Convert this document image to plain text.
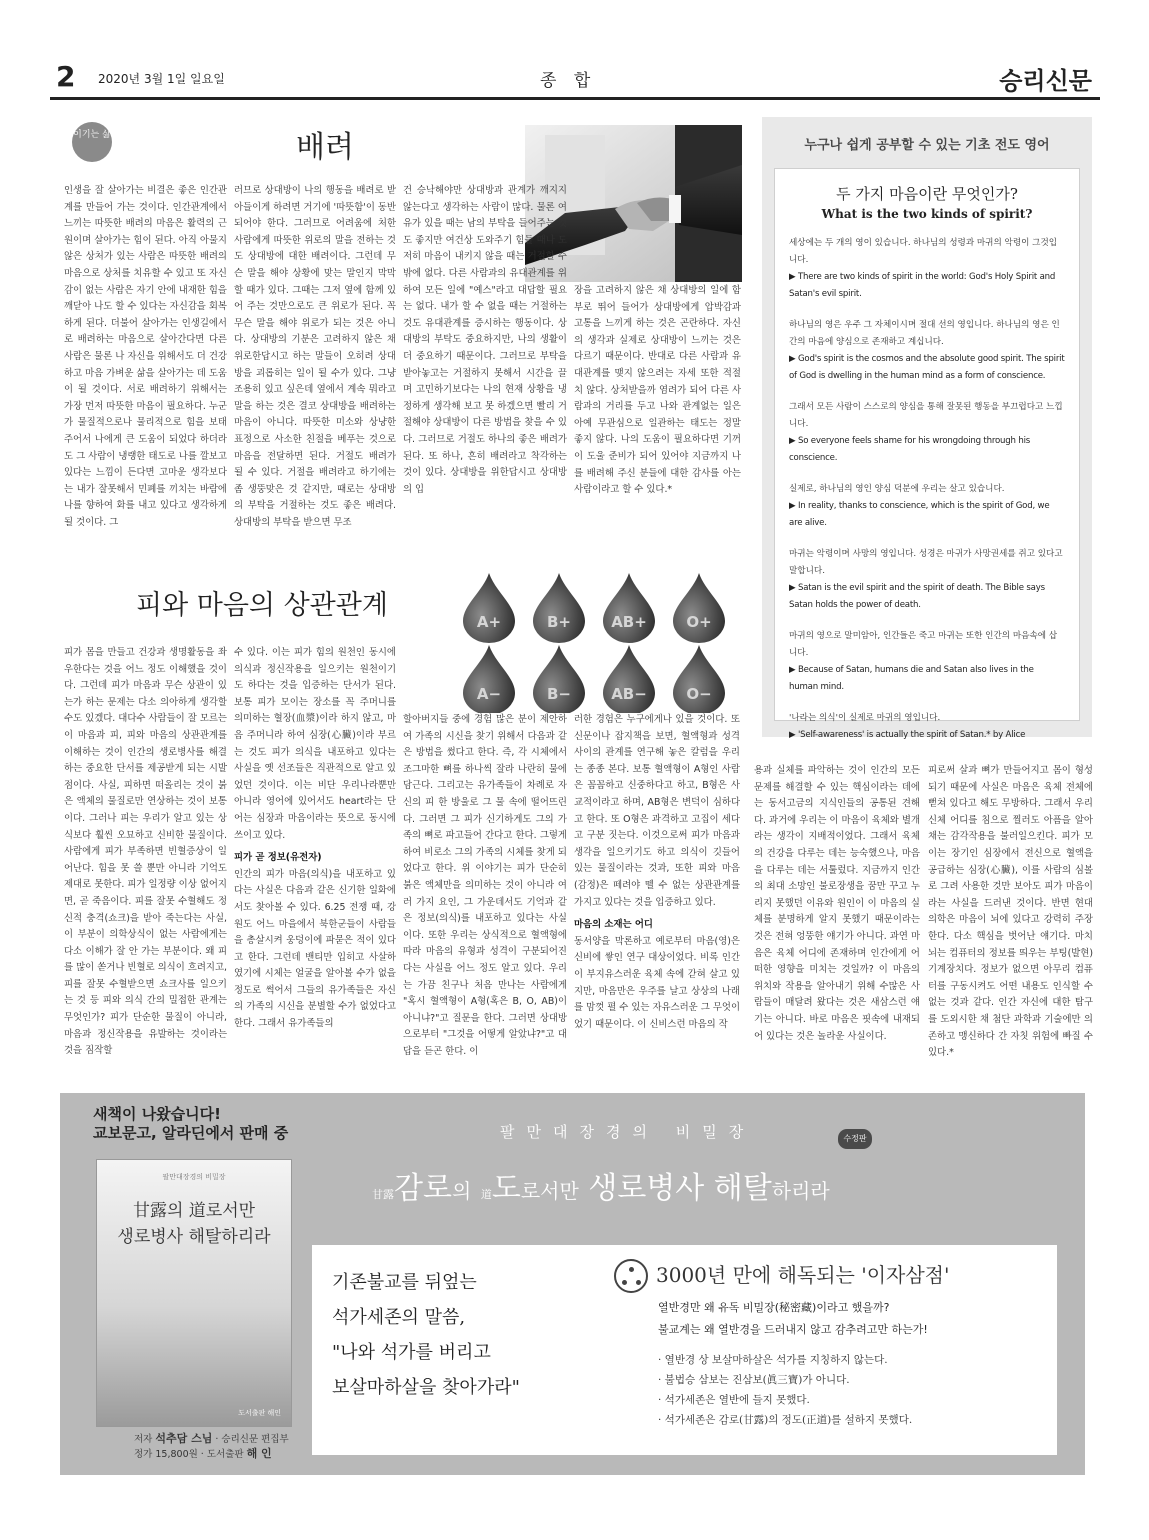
2 2020년 3월 1일 일요일	종 합	승리신문
이기는 삶	배려
인생을 잘 살아가는 비결은 좋은 인간관계를 만들어 가는 것이다. 인간관계에서 느끼는 따뜻한 배려의 마음은 활력의 근원이며 살아가는 힘이 된다. 아직 아물지 않은 상처가 있는 사람은 따뜻한 배려의 마음으로 상처를 치유할 수 있고 또 자신감이 없는 사람은 자기 안에 내재한 힘을 깨닫아 나도 할 수 있다는 자신감을 회복하게 된다. 더불어 살아가는 인생길에서로 배려하는 마음으로 살아간다면 다른 사람은 물론 나 자신을 위해서도 더 건강하고 마음 가벼운 삶을 살아가는 데 도움이 될 것이다. 서로 배려하기 위해서는 가장 먼저 따뜻한 마음이 필요하다. 누군가 물질적으로나 물리적으로 힘을 보태주어서 나에게 큰 도움이 되었다 하더라도 그 사람이 냉랭한 태도로 나를 깔보고 있다는 느낌이 든다면 고마운 생각보다는 내가 잘못해서 민폐를 끼치는 바람에 나를 향하여 화를 내고 있다고 생각하게 될 것이다. 그
러므로 상대방이 나의 행동을 배려로 받아들이게 하려면 거기에 '따뜻함'이 동반되어야 한다. 그러므로 어려움에 처한 사람에게 따뜻한 위로의 말을 전하는 것도 상대방에 대한 배려이다. 그런데 무슨 말을 해야 상황에 맞는 말인지 막막할 때가 있다. 그때는 그저 옆에 함께 있어 주는 것만으로도 큰 위로가 된다. 꼭 무슨 말을 해야 위로가 되는 것은 아니다. 상대방의 기분은 고려하지 않은 채 위로한답시고 하는 말들이 오히려 상대방을 괴롭히는 일이 될 수가 있다. 그냥 조용히 있고 싶은데 옆에서 계속 뭐라고 말을 하는 것은 결코 상대방을 배려하는 마음이 아니다. 따뜻한 미소와 상냥한 표정으로 사소한 친절을 베푸는 것으로 마음을 전달하면 된다. 거절도 배려가 될 수 있다. 거절을 배려라고 하기에는 좀 생뚱맞은 것 같지만, 때로는 상대방의 부탁을 거절하는 것도 좋은 배려다. 상대방의 부탁을 받으면 무조
건 승낙해야만 상대방과 관계가 깨지지 않는다고 생각하는 사람이 많다. 물론 여유가 있을 때는 남의 부탁을 들어주는 것도 좋지만 여건상 도와주기 힘들 때나 도저히 마음이 내키지 않을 때는 거절할 수밖에 없다. 다른 사람과의 유대관계를 위하여 모든 일에 "예스"라고 대답할 필요는 없다. 내가 할 수 없을 때는 거절하는 것도 유대관계를 증시하는 행동이다. 상대방의 부탁도 중요하지만, 나의 생활이 더 중요하기 때문이다. 그러므로 부탁을 받아놓고는 거절하지 못해서 시간을 끌며 고민하기보다는 나의 현재 상황을 냉정하게 생각해 보고 못 하겠으면 빨리 거절해야 상대방이 다른 방법을 찾을 수 있다. 그러므로 거절도 하나의 좋은 배려가 된다. 또 하나, 흔히 배려라고 착각하는 것이 있다. 상대방을 위한답시고 상대방의 입
장을 고려하지 않은 채 상대방의 일에 함부로 뛰어 들어가 상대방에게 압박감과 고통을 느끼게 하는 것은 곤란하다. 자신의 생각과 실제로 상대방이 느끼는 것은 다르기 때문이다. 반대로 다른 사람과 유대관계를 맺지 않으려는 자세 또한 적절치 않다. 상처받을까 염려가 되어 다른 사람과의 거리를 두고 나와 관계없는 일은 아예 무관심으로 일관하는 태도는 정말 좋지 않다. 나의 도움이 필요하다면 기꺼이 도울 준비가 되어 있어야 지금까지 나를 배려해 주신 분들에 대한 감사를 아는 사람이라고 할 수 있다.*
누구나 쉽게 공부할 수 있는 기초 전도 영어
두 가지 마음이란 무엇인가?
What is the two kinds of spirit?
세상에는 두 개의 영이 있습니다. 하나님의 성령과 마귀의 악령이 그것입니다.
▶ There are two kinds of spirit in the world: God's Holy Spirit and Satan's evil spirit.
하나님의 영은 우주 그 자체이시며 절대 선의 영입니다. 하나님의 영은 인간의 마음에 양심으로 존재하고 계십니다.
▶ God's spirit is the cosmos and the absolute good spirit. The spirit of God is dwelling in the human mind as a form of conscience.
그래서 모든 사람이 스스로의 양심을 통해 잘못된 행동을 부끄럽다고 느낍니다.
▶ So everyone feels shame for his wrongdoing through his conscience.
실제로, 하나님의 영인 양심 덕분에 우리는 살고 있습니다.
▶ In reality, thanks to conscience, which is the spirit of God, we are alive.
마귀는 악령이며 사망의 영입니다. 성경은 마귀가 사망권세를 쥐고 있다고 말합니다.
▶ Satan is the evil spirit and the spirit of death. The Bible says Satan holds the power of death.
마귀의 영으로 말미암아, 인간들은 죽고 마귀는 또한 인간의 마음속에 삽니다.
▶ Because of Satan, humans die and Satan also lives in the human mind.
'나라는 의식'이 실제로 마귀의 영입니다.
▶ 'Self-awareness' is actually the spirit of Satan.* by Alice
피와 마음의 상관관계
A+	B+	AB+	O+
A−	B−	AB−	O−
피가 몸을 만들고 건강과 생명활동을 좌우한다는 것을 어느 정도 이해했을 것이다. 그런데 피가 마음과 무슨 상관이 있는가 하는 문제는 다소 의아하게 생각할 수도 있겠다. 대다수 사람들이 잘 모르는 이 마음과 피, 피와 마음의 상관관계를 이해하는 것이 인간의 생로병사를 해결하는 중요한 단서를 제공받게 되는 시발점이다. 사실, 피하면 떠올리는 것이 붉은 액체의 물질로만 연상하는 것이 보통이다. 그러나 피는 우리가 알고 있는 상식보다 훨씬 오묘하고 신비한 물질이다. 사람에게 피가 부족하면 빈혈증상이 일어난다. 힘을 못 쓸 뿐만 아니라 기억도 제대로 못한다. 피가 일정량 이상 없어지면, 곧 죽음이다. 피를 잘못 수혈해도 정신적 충격(쇼크)을 받아 죽는다는 사실, 이 부분이 의학상식이 없는 사람에게는 다소 이해가 잘 안 가는 부분이다. 왜 피를 많이 쏟거나 빈혈로 의식이 흐려지고, 피를 잘못 수혈받으면 쇼크사를 일으키는 것 등 피와 의식 간의 밀접한 관계는 무엇인가? 피가 단순한 물질이 아니라, 마음과 정신작용을 유발하는 것이라는 것을 짐작할
수 있다. 이는 피가 힘의 원천인 동시에 의식과 정신작용을 일으키는 원천이기도 하다는 것을 입증하는 단서가 된다. 보통 피가 모이는 장소를 꼭 주머니를 의미하는 혈장(血漿)이라 하지 않고, 마음 주머니라 하여 심장(心臟)이라 부르는 것도 피가 의식을 내포하고 있다는 사실을 옛 선조들은 직관적으로 알고 있었던 것이다. 이는 비단 우리나라뿐만 아니라 영어에 있어서도 heart라는 단어는 심장과 마음이라는 뜻으로 동시에 쓰이고 있다.
피가 곧 정보(유전자)
인간의 피가 마음(의식)을 내포하고 있다는 사실은 다음과 같은 신기한 일화에서도 찾아볼 수 있다. 6.25 전쟁 때, 강원도 어느 마을에서 북한군들이 사람들을 총살시켜 웅덩이에 파묻은 적이 있다고 한다. 그런데 밴티만 입히고 사살하였기에 시체는 얼굴을 알아볼 수가 없을 정도로 썩어서 그들의 유가족들은 자신의 가족의 시신을 분별할 수가 없었다고 한다. 그래서 유가족들의
할아버지들 중에 경험 많은 분이 제안하여 가족의 시신을 찾기 위해서 다음과 같은 방법을 썼다고 한다. 즉, 각 시체에서 조그마한 뼈를 하나씩 잘라 나란히 물에 담근다. 그리고는 유가족들이 차례로 자신의 피 한 방울로 그 물 속에 떨어뜨린다. 그러면 그 피가 신기하게도 그의 가족의 뼈로 파고들어 간다고 한다. 그렇게 하여 비로소 그의 가족의 시체를 찾게 되었다고 한다. 위 이야기는 피가 단순히 붉은 액체만을 의미하는 것이 아니라 여러 가지 요인, 그 가운데서도 기억과 같은 정보(의식)를 내포하고 있다는 사실이다. 또한 우리는 상식적으로 혈액형에 따라 마음의 유형과 성격이 구분되어진다는 사실을 어느 정도 알고 있다. 우리는 가끔 친구나 처음 만나는 사람에게 "혹시 혈액형이 A형(혹은 B, O, AB)이 아니냐?"고 질문을 한다. 그러면 상대방으로부터 "그것을 어떻게 알았냐?"고 대답을 듣곤 한다. 이
러한 경험은 누구에게나 있을 것이다. 또 신문이나 잡지책을 보면, 혈액형과 성격 사이의 관계를 연구해 놓은 칼럼을 우리는 종종 본다. 보통 혈액형이 A형인 사람은 꼼꼼하고 신중하다고 하고, B형은 사교적이라고 하며, AB형은 변덕이 심하다고 한다. 또 O형은 과격하고 고집이 세다고 구분 짓는다. 이것으로써 피가 마음과 생각을 일으키기도 하고 의식이 깃들어 있는 물질이라는 것과, 또한 피와 마음(감정)은 떼려야 뗄 수 없는 상관관계를 가지고 있다는 것을 입증하고 있다.
마음의 소재는 어디
동서양을 막론하고 예로부터 마음(영)은 신비에 쌓인 연구 대상이었다. 비록 인간이 부지유스러운 육체 속에 갇혀 살고 있지만, 마음만은 우주를 날고 상상의 나래를 맘껏 펼 수 있는 자유스러운 그 무엇이었기 때문이다. 이 신비스런 마음의 작
용과 실체를 파악하는 것이 인간의 모든 문제를 해결할 수 있는 핵심이라는 데에는 동서고금의 지식인들의 공통된 견해다. 과거에 우리는 이 마음이 육체와 별개라는 생각이 지배적이었다. 그래서 육체의 건강을 다루는 데는 능숙했으나, 마음을 다루는 데는 서툴렀다. 지금까지 인간의 최대 소망인 불로장생을 꿈만 꾸고 누리지 못했던 이유와 원인이 이 마음의 실체를 분명하게 알지 못했기 때문이라는 것은 전혀 엉뚱한 얘기가 아니다. 과연 마음은 육체 어디에 존재하며 인간에게 어떠한 영향을 미치는 것일까? 이 마음의 위치와 작용을 알아내기 위해 수많은 사람들이 매달려 왔다는 것은 새삼스런 얘기는 아니다. 바로 마음은 핏속에 내재되어 있다는 것은 놀라운 사실이다.
피로써 살과 뼈가 만들어지고 몸이 형성되기 때문에 사실은 마음은 육체 전체에 뻗쳐 있다고 해도 무방하다. 그래서 우리 신체 어디를 침으로 찔러도 아픔을 알아채는 감각작용을 불러일으킨다. 피가 모이는 장기인 심장에서 전신으로 혈액을 공급하는 심장(心臟), 이를 사람의 심볼로 그려 사용한 것만 보아도 피가 마음이라는 사실을 드러낸 것이다. 반면 현대 의학은 마음이 뇌에 있다고 강력히 주장한다. 다소 핵심을 벗어난 얘기다. 마치 뇌는 컴퓨터의 정보를 띄우는 부팅(발현)기계장치다. 정보가 없으면 아무리 컴퓨터를 구동시켜도 어떤 내용도 인식할 수 없는 것과 같다. 인간 자신에 대한 탐구를 도외시한 채 첨단 과학과 기술에만 의존하고 맹신하다 간 자칫 위험에 빠질 수 있다.*
새책이 나왔습니다!
교보문고, 알라딘에서 판매 중
팔만대장경의 비밀장
甘露의 道로서만
생로병사 해탈하리라
도서출판 해인
저자 석추담 스님 · 승리신문 편집부
정가 15,800원 · 도서출판 해 인
팔만대장경의 비밀장	수정판
甘露감로의 道도로서만 생로병사 해탈하리라
기존불교를 뒤엎는
석가세존의 말씀,
"나와 석가를 버리고
보살마하살을 찾아가라"
3000년 만에 해독되는 '이자삼점'
열반경만 왜 유독 비밀장(秘密藏)이라고 했을까?
불교계는 왜 열반경을 드러내지 않고 감추려고만 하는가!
· 열반경 상 보살마하살은 석가를 지칭하지 않는다.
· 불법승 삼보는 진삼보(眞三寶)가 아니다.
· 석가세존은 열반에 들지 못했다.
· 석가세존은 감로(甘露)의 정도(正道)를 설하지 못했다.
